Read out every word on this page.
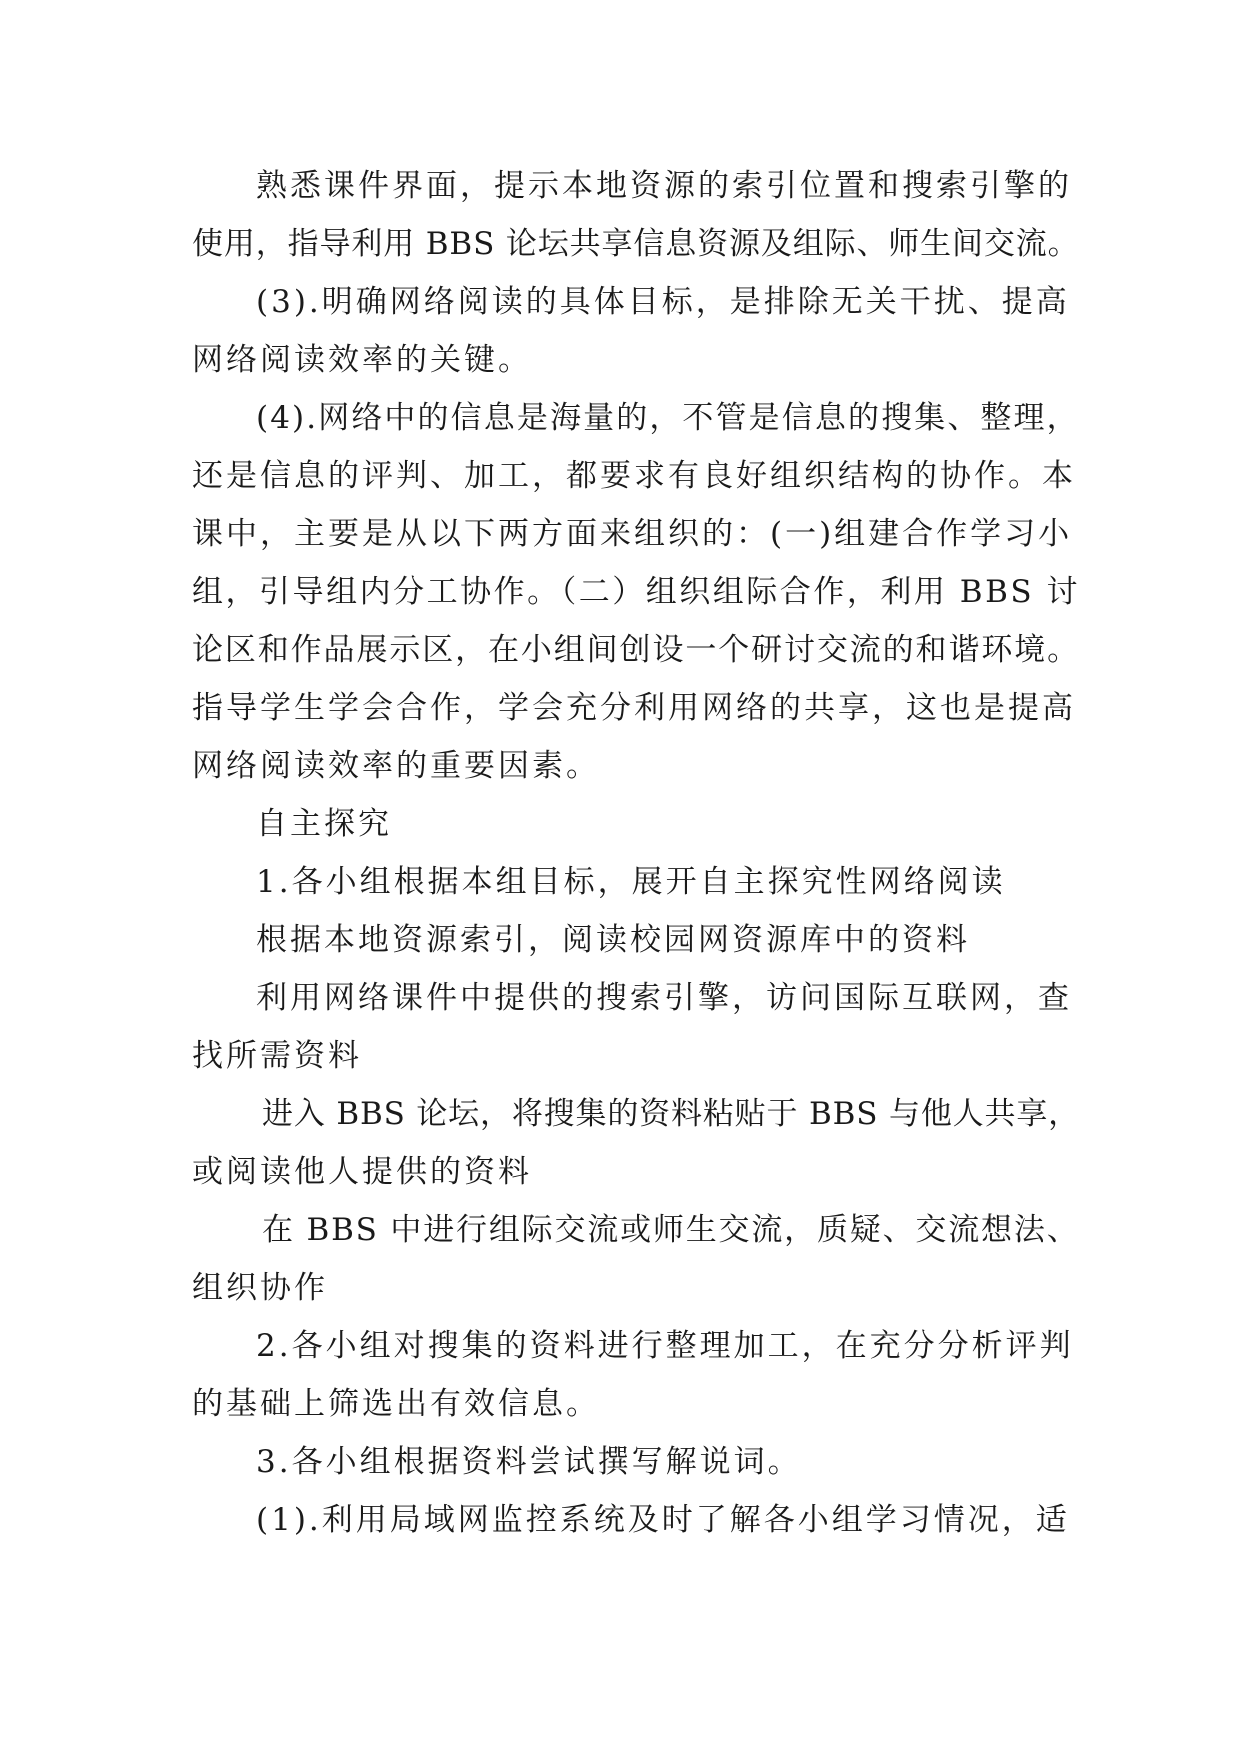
熟悉课件界面，提示本地资源的索引位置和搜索引擎的
使用，指导利用 BBS 论坛共享信息资源及组际、师生间交流。
(3).明确网络阅读的具体目标，是排除无关干扰、提高
网络阅读效率的关键。
(4).网络中的信息是海量的，不管是信息的搜集、整理，
还是信息的评判、加工，都要求有良好组织结构的协作。本
课中，主要是从以下两方面来组织的：(一)组建合作学习小
组，引导组内分工协作。（二）组织组际合作，利用 BBS 讨
论区和作品展示区，在小组间创设一个研讨交流的和谐环境。
指导学生学会合作，学会充分利用网络的共享，这也是提高
网络阅读效率的重要因素。
自主探究
1.各小组根据本组目标，展开自主探究性网络阅读
根据本地资源索引，阅读校园网资源库中的资料
利用网络课件中提供的搜索引擎，访问国际互联网，查
找所需资料
进入 BBS 论坛，将搜集的资料粘贴于 BBS 与他人共享，
或阅读他人提供的资料
在 BBS 中进行组际交流或师生交流，质疑、交流想法、
组织协作
2.各小组对搜集的资料进行整理加工，在充分分析评判
的基础上筛选出有效信息。
3.各小组根据资料尝试撰写解说词。
(1).利用局域网监控系统及时了解各小组学习情况，适
